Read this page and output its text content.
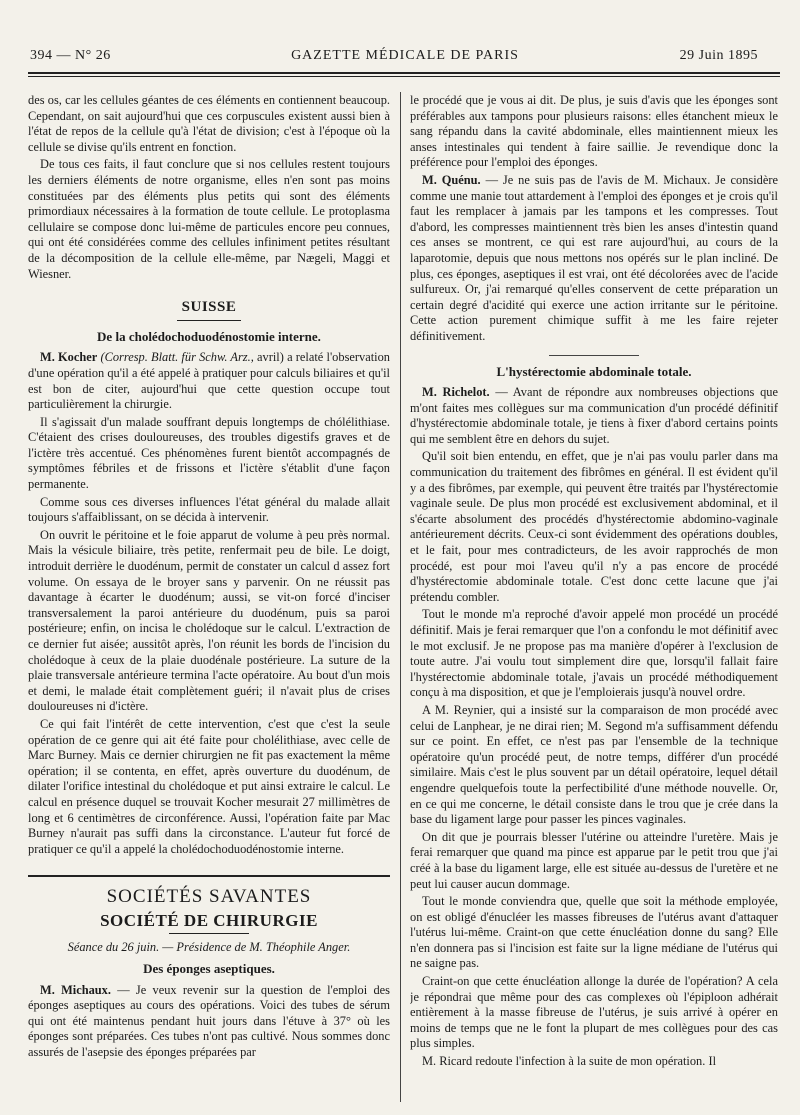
394 — N° 26	GAZETTE MÉDICALE DE PARIS	29 Juin 1895

des os, car les cellules géantes de ces éléments en contiennent beaucoup. Cependant, on sait aujourd'hui que ces corpuscules existent aussi bien à l'état de repos de la cellule qu'à l'état de division; c'est à l'époque où la cellule se divise qu'ils entrent en fonction.

De tous ces faits, il faut conclure que si nos cellules restent toujours les derniers éléments de notre organisme, elles n'en sont pas moins constituées par des éléments plus petits qui sont des éléments primordiaux nécessaires à la formation de toute cellule. Le protoplasma cellulaire se compose donc lui-même de particules encore peu connues, qui ont été considérées comme des cellules infiniment petites résultant de la décomposition de la cellule elle-même, par Nægeli, Maggi et Wiesner.

SUISSE
De la cholédochoduodénostomie interne.

M. Kocher (Corresp. Blatt. für Schw. Arz., avril) a relaté l'observation d'une opération qu'il a été appelé à pratiquer pour calculs biliaires et qu'il est bon de citer, aujourd'hui que cette question occupe tout particulièrement la chirurgie.

Il s'agissait d'un malade souffrant depuis longtemps de chólélithiase. C'étaient des crises douloureuses, des troubles digestifs graves et de l'ictère très accentué. Ces phénomènes furent bientôt accompagnés de symptômes fébriles et de frissons et l'ictère s'établit d'une façon permanente.

Comme sous ces diverses influences l'état général du malade allait toujours s'affaiblissant, on se décida à intervenir.

On ouvrit le péritoine et le foie apparut de volume à peu près normal. Mais la vésicule biliaire, très petite, renfermait peu de bile. Le doigt, introduit derrière le duodénum, permit de constater un calcul d assez fort volume. On essaya de le broyer sans y parvenir. On ne réussit pas davantage à écarter le duodénum; aussi, se vit-on forcé d'inciser transversalement la paroi antérieure du duodénum, puis sa paroi postérieure; enfin, on incisa le cholédoque sur le calcul. L'extraction de ce dernier fut aisée; aussitôt après, l'on réunit les bords de l'incision du cholédoque à ceux de la plaie duodénale postérieure. La suture de la plaie transversale antérieure termina l'acte opératoire. Au bout d'un mois et demi, le malade était complètement guéri; il n'avait plus de crises douloureuses ni d'ictère.

Ce qui fait l'intérêt de cette intervention, c'est que c'est la seule opération de ce genre qui ait été faite pour cholélithiase, avec celle de Marc Burney. Mais ce dernier chirurgien ne fit pas exactement la même opération; il se contenta, en effet, après ouverture du duodénum, de dilater l'orifice intestinal du cholédoque et put ainsi extraire le calcul. Le calcul en présence duquel se trouvait Kocher mesurait 27 millimètres de long et 6 centimètres de circonférence. Aussi, l'opération faite par Mac Burney n'aurait pas suffi dans la circonstance. L'auteur fut forcé de pratiquer ce qu'il a appelé la cholédochoduodénostomie interne.

SOCIÉTÉS SAVANTES
SOCIÉTÉ DE CHIRURGIE
Séance du 26 juin. — Présidence de M. Théophile Anger.
Des éponges aseptiques.

M. Michaux. — Je veux revenir sur la question de l'emploi des éponges aseptiques au cours des opérations. Voici des tubes de sérum qui ont été maintenus pendant huit jours dans l'étuve à 37° où les éponges sont préparées. Ces tubes n'ont pas cultivé. Nous sommes donc assurés de l'asepsie des éponges préparées par

le procédé que je vous ai dit. De plus, je suis d'avis que les éponges sont préférables aux tampons pour plusieurs raisons: elles étanchent mieux le sang répandu dans la cavité abdominale, elles maintiennent mieux les anses intestinales qui tendent à faire saillie. Je revendique donc la préférence pour l'emploi des éponges.

M. Quénu. — Je ne suis pas de l'avis de M. Michaux. Je considère comme une manie tout attardement à l'emploi des éponges et je crois qu'il faut les remplacer à jamais par les tampons et les compresses. Tout d'abord, les compresses maintiennent très bien les anses d'intestin quand ces anses se montrent, ce qui est rare aujourd'hui, au cours de la laparotomie, depuis que nous mettons nos opérés sur le plan incliné. De plus, ces éponges, aseptiques il est vrai, ont été décolorées avec de l'acide sulfureux. Or, j'ai remarqué qu'elles conservent de cette préparation un certain degré d'acidité qui exerce une action irritante sur le péritoine. Cette action purement chimique suffit à me les faire rejeter définitivement.

L'hystérectomie abdominale totale.

M. Richelot. — Avant de répondre aux nombreuses objections que m'ont faites mes collègues sur ma communication d'un procédé définitif d'hystérectomie abdominale totale, je tiens à fixer d'abord certains points qui me semblent être en dehors du sujet.

Qu'il soit bien entendu, en effet, que je n'ai pas voulu parler dans ma communication du traitement des fibrômes en général. Il est évident qu'il y a des fibrômes, par exemple, qui peuvent être traités par l'hystérectomie vaginale seule. De plus mon procédé est exclusivement abdominal, et il s'écarte absolument des procédés d'hystérectomie abdomino-vaginale antérieurement décrits. Ceux-ci sont évidemment des opérations doubles, et le fait, pour mes contradicteurs, de les avoir rapprochés de mon procédé, est pour moi l'aveu qu'il n'y a pas encore de procédé d'hystérectomie abdominale totale. C'est donc cette lacune que j'ai prétendu combler.

Tout le monde m'a reproché d'avoir appelé mon procédé un procédé définitif. Mais je ferai remarquer que l'on a confondu le mot définitif avec le mot exclusif. Je ne propose pas ma manière d'opérer à l'exclusion de toute autre. J'ai voulu tout simplement dire que, lorsqu'il fallait faire l'hystérectomie abdominale totale, j'avais un procédé méthodiquement conçu à ma disposition, et que je l'emploierais jusqu'à nouvel ordre.

A M. Reynier, qui a insisté sur la comparaison de mon procédé avec celui de Lanphear, je ne dirai rien; M. Segond m'a suffisamment défendu sur ce point. En effet, ce n'est pas par l'ensemble de la technique opératoire qu'un procédé peut, de notre temps, différer d'un procédé similaire. Mais c'est le plus souvent par un détail opératoire, lequel détail engendre quelquefois toute la perfectibilité d'une méthode nouvelle. Or, en ce qui me concerne, le détail consiste dans le trou que je crée dans la base du ligament large pour passer les pinces vaginales.

On dit que je pourrais blesser l'utérine ou atteindre l'uretère. Mais je ferai remarquer que quand ma pince est apparue par le petit trou que j'ai créé à la base du ligament large, elle est située au-dessus de l'uretère et ne peut lui causer aucun dommage.

Tout le monde conviendra que, quelle que soit la méthode employée, on est obligé d'énucléer les masses fibreuses de l'utérus avant d'attaquer l'utérus lui-même. Craint-on que cette énucléation donne du sang? Elle n'en donnera pas si l'incision est faite sur la ligne médiane de l'utérus qui ne saigne pas.

Craint-on que cette énucléation allonge la durée de l'opération? A cela je répondrai que même pour des cas complexes où l'épiploon adhérait entièrement à la masse fibreuse de l'utérus, je suis arrivé à opérer en moins de temps que ne le font la plupart de mes collègues pour des cas plus simples.

M. Ricard redoute l'infection à la suite de mon opération. Il
